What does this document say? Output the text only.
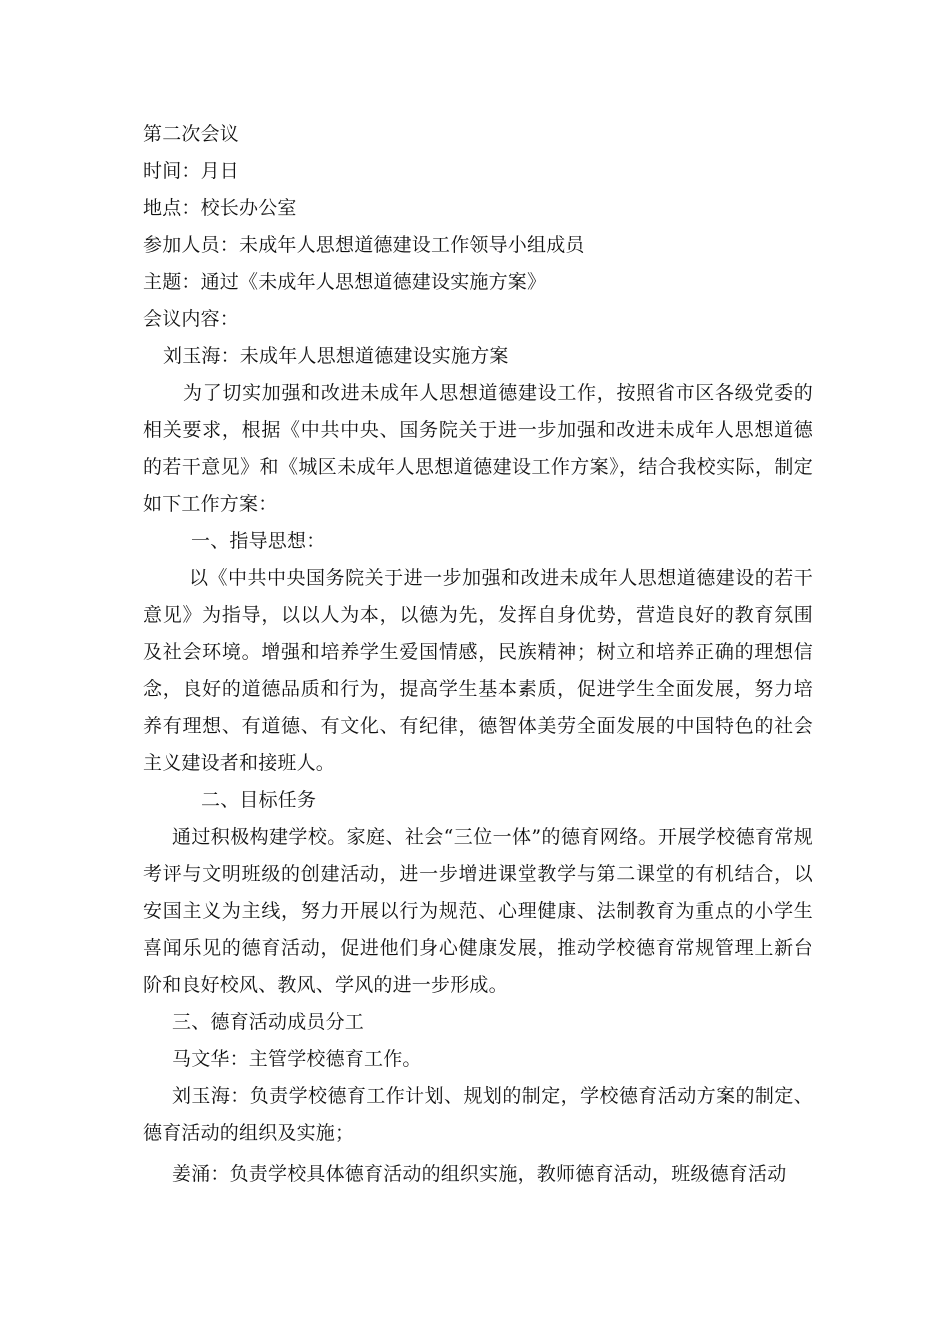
第二次会议
时间：月日
地点：校长办公室
参加人员：未成年人思想道德建设工作领导小组成员
主题：通过《未成年人思想道德建设实施方案》
会议内容：
刘玉海：未成年人思想道德建设实施方案
为了切实加强和改进未成年人思想道德建设工作，按照省市区各级党委的相关要求，根据《中共中央、国务院关于进一步加强和改进未成年人思想道德的若干意见》和《城区未成年人思想道德建设工作方案》，结合我校实际，制定如下工作方案：
一、指导思想：
以《中共中央国务院关于进一步加强和改进未成年人思想道德建设的若干意见》为指导，以以人为本，以德为先，发挥自身优势，营造良好的教育氛围及社会环境。增强和培养学生爱国情感，民族精神；树立和培养正确的理想信念，良好的道德品质和行为，提高学生基本素质，促进学生全面发展，努力培养有理想、有道德、有文化、有纪律，德智体美劳全面发展的中国特色的社会主义建设者和接班人。
二、目标任务
通过积极构建学校。家庭、社会“三位一体”的德育网络。开展学校德育常规考评与文明班级的创建活动，进一步增进课堂教学与第二课堂的有机结合，以安国主义为主线，努力开展以行为规范、心理健康、法制教育为重点的小学生喜闻乐见的德育活动，促进他们身心健康发展，推动学校德育常规管理上新台阶和良好校风、教风、学风的进一步形成。
三、德育活动成员分工
马文华：主管学校德育工作。
刘玉海：负责学校德育工作计划、规划的制定，学校德育活动方案的制定、德育活动的组织及实施；
姜涌：负责学校具体德育活动的组织实施，教师德育活动，班级德育活动
